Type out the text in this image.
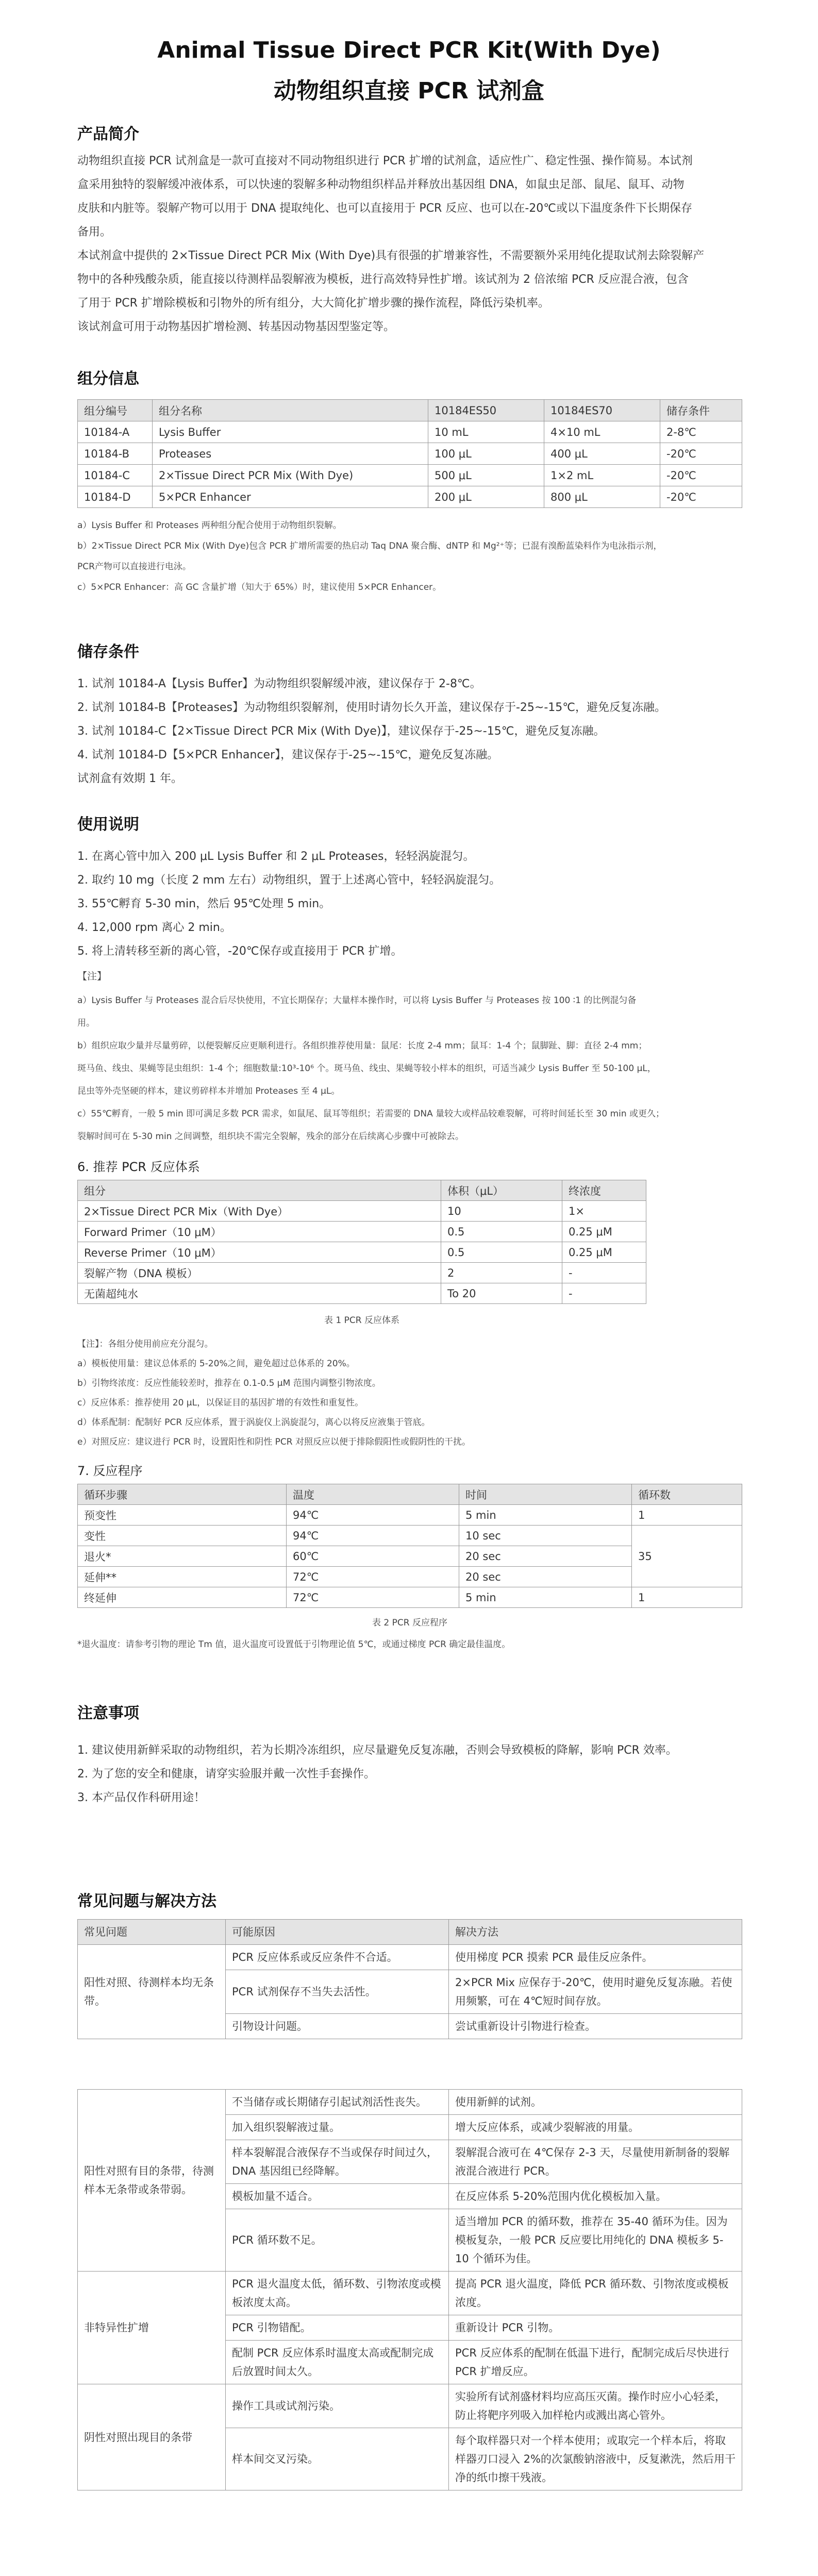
Animal Tissue Direct PCR Kit(With Dye)
动物组织直接 PCR 试剂盒
产品简介

动物组织直接 PCR 试剂盒是一款可直接对不同动物组织进行 PCR 扩增的试剂盒，适应性广、稳定性强、操作简易。本试剂

盒采用独特的裂解缓冲液体系，可以快速的裂解多种动物组织样品并释放出基因组 DNA，如鼠虫足部、鼠尾、鼠耳、动物

皮肤和内脏等。裂解产物可以用于 DNA 提取纯化、也可以直接用于 PCR 反应、也可以在-20℃或以下温度条件下长期保存

备用。

本试剂盒中提供的 2×Tissue Direct PCR Mix (With Dye)具有很强的扩增兼容性，不需要额外采用纯化提取试剂去除裂解产

物中的各种残酸杂质，能直接以待测样品裂解液为模板，进行高效特异性扩增。该试剂为 2 倍浓缩 PCR 反应混合液，包含

了用于 PCR 扩增除模板和引物外的所有组分，大大简化扩增步骤的操作流程，降低污染机率。

该试剂盒可用于动物基因扩增检测、转基因动物基因型鉴定等。

组分信息
组分编号	组分名称	10184ES50	10184ES70	储存条件
10184-A	Lysis Buffer	10 mL	4×10 mL	2-8℃
10184-B	Proteases	100 μL	400 μL	-20℃
10184-C	2×Tissue Direct PCR Mix (With Dye)	500 μL	1×2 mL	-20℃
10184-D	5×PCR Enhancer	200 μL	800 μL	-20℃

a）Lysis Buffer 和 Proteases 两种组分配合使用于动物组织裂解。

b）2×Tissue Direct PCR Mix (With Dye)包含 PCR 扩增所需要的热启动 Taq DNA 聚合酶、dNTP 和 Mg²⁺等；已混有溴酚蓝染料作为电泳指示剂，

PCR产物可以直接进行电泳。

c）5×PCR Enhancer：高 GC 含量扩增（知大于 65%）时，建议使用 5×PCR Enhancer。

储存条件

1. 试剂 10184-A【Lysis Buffer】为动物组织裂解缓冲液，建议保存于 2-8℃。

2. 试剂 10184-B【Proteases】为动物组织裂解剂，使用时请勿长久开盖，建议保存于-25~-15℃，避免反复冻融。

3. 试剂 10184-C【2×Tissue Direct PCR Mix (With Dye)】，建议保存于-25~-15℃，避免反复冻融。

4. 试剂 10184-D【5×PCR Enhancer】，建议保存于-25~-15℃，避免反复冻融。

试剂盒有效期 1 年。

使用说明

1. 在离心管中加入 200 μL Lysis Buffer 和 2 μL Proteases，轻轻涡旋混匀。

2. 取约 10 mg（长度 2 mm 左右）动物组织，置于上述离心管中，轻轻涡旋混匀。

3. 55℃孵育 5-30 min，然后 95℃处理 5 min。

4. 12,000 rpm 离心 2 min。

5. 将上清转移至新的离心管，-20℃保存或直接用于 PCR 扩增。

【注】

a）Lysis Buffer 与 Proteases 混合后尽快使用，不宜长期保存；大量样本操作时，可以将 Lysis Buffer 与 Proteases 按 100 ∶1 的比例混匀备

用。

b）组织应取少量并尽量剪碎，以便裂解反应更顺利进行。各组织推荐使用量：鼠尾：长度 2-4 mm；鼠耳：1-4 个；鼠脚趾、脚：直径 2-4 mm；

斑马鱼、线虫、果蝇等昆虫组织：1-4 个；细胞数量:10³-10⁶ 个。斑马鱼、线虫、果蝇等较小样本的组织，可适当减少 Lysis Buffer 至 50-100 μL，

昆虫等外壳坚硬的样本，建议剪碎样本并增加 Proteases 至 4 μL。

c）55℃孵育，一般 5 min 即可满足多数 PCR 需求，如鼠尾、鼠耳等组织；若需要的 DNA 量较大或样品较难裂解，可将时间延长至 30 min 或更久；

裂解时间可在 5-30 min 之间调整，组织块不需完全裂解，残余的部分在后续离心步骤中可被除去。

6. 推荐 PCR 反应体系
组分	体积（μL）	终浓度
2×Tissue Direct PCR Mix（With Dye）	10	1×
Forward Primer（10 μM）	0.5	0.25 μM
Reverse Primer（10 μM）	0.5	0.25 μM
裂解产物（DNA 模板）	2	-
无菌超纯水	To 20	-
表 1 PCR 反应体系

【注】：各组分使用前应充分混匀。

a）模板使用量：建议总体系的 5-20%之间，避免超过总体系的 20%。

b）引物终浓度：反应性能较差时，推荐在 0.1-0.5 μM 范围内调整引物浓度。

c）反应体系：推荐使用 20 μL，以保证目的基因扩增的有效性和重复性。

d）体系配制：配制好 PCR 反应体系，置于涡旋仪上涡旋混匀，离心以将反应液集于管底。

e）对照反应：建议进行 PCR 时，设置阳性和阴性 PCR 对照反应以便于排除假阳性或假阴性的干扰。

7. 反应程序
循环步骤	温度	时间	循环数
预变性	94℃	5 min	1
变性	94℃	10 sec	35
退火*	60℃	20 sec	
延伸**	72℃	20 sec	
终延伸	72℃	5 min	1
表 2 PCR 反应程序
*退火温度：请参考引物的理论 Tm 值，退火温度可设置低于引物理论值 5℃，或通过梯度 PCR 确定最佳温度。
注意事项

1. 建议使用新鲜采取的动物组织，若为长期冷冻组织，应尽量避免反复冻融，否则会导致模板的降解，影响 PCR 效率。

2. 为了您的安全和健康，请穿实验服并戴一次性手套操作。

3. 本产品仅作科研用途！

常见问题与解决方法
常见问题	可能原因	解决方法
阳性对照、待测样本均无条带。	PCR 反应体系或反应条件不合适。	使用梯度 PCR 摸索 PCR 最佳反应条件。
	PCR 试剂保存不当失去活性。	2×PCR Mix 应保存于-20℃，使用时避免反复冻融。若使用频繁，可在 4℃短时间存放。
	引物设计问题。	尝试重新设计引物进行检查。
阳性对照有目的条带，待测样本无条带或条带弱。	不当储存或长期储存引起试剂活性丧失。	使用新鲜的试剂。
	加入组织裂解液过量。	增大反应体系，或减少裂解液的用量。
	样本裂解混合液保存不当或保存时间过久，DNA 基因组已经降解。	裂解混合液可在 4℃保存 2-3 天，尽量使用新制备的裂解液混合液进行 PCR。
	模板加量不适合。	在反应体系 5-20%范围内优化模板加入量。
	PCR 循环数不足。	适当增加 PCR 的循环数，推荐在 35-40 循环为佳。因为模板复杂，一般 PCR 反应要比用纯化的 DNA 模板多 5-10 个循环为佳。
非特异性扩增	PCR 退火温度太低，循环数、引物浓度或模板浓度太高。	提高 PCR 退火温度，降低 PCR 循环数、引物浓度或模板浓度。
	PCR 引物错配。	重新设计 PCR 引物。
	配制 PCR 反应体系时温度太高或配制完成后放置时间太久。	PCR 反应体系的配制在低温下进行，配制完成后尽快进行 PCR 扩增反应。
阴性对照出现目的条带	操作工具或试剂污染。	实验所有试剂盛材料均应高压灭菌。操作时应小心轻柔，防止将靶序列吸入加样枪内或溅出离心管外。
	样本间交叉污染。	每个取样器只对一个样本使用；或取完一个样本后，将取样器刃口浸入 2%的次氯酸钠溶液中，反复漱洗，然后用干净的纸巾擦干残液。
